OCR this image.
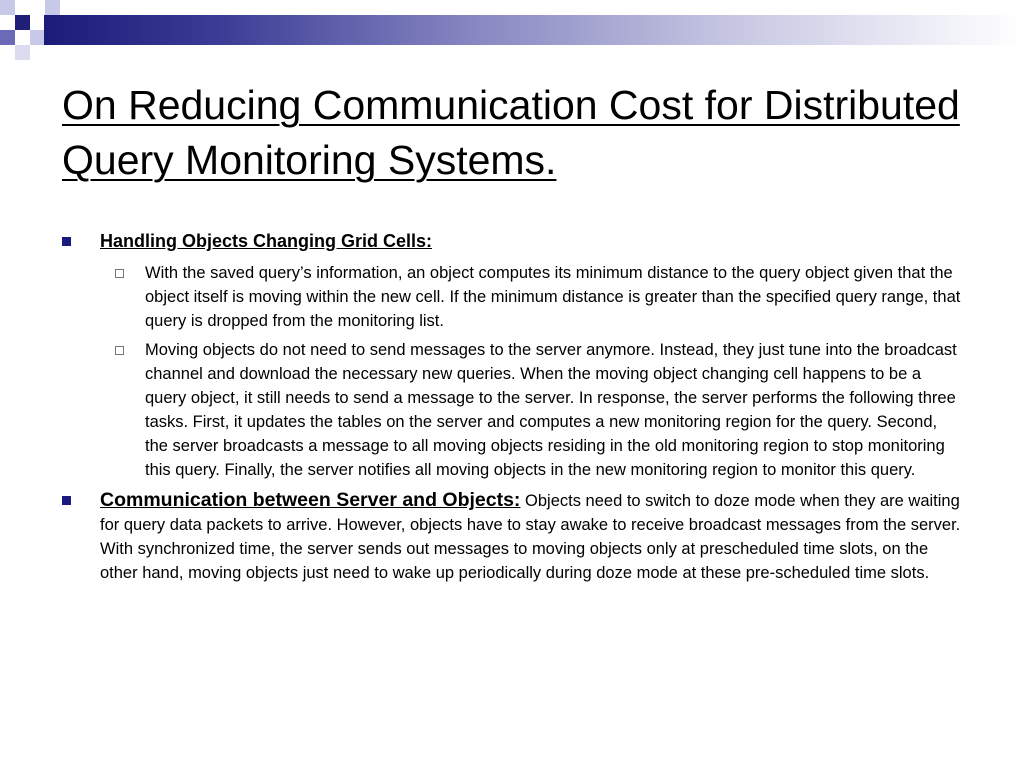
On Reducing Communication Cost for Distributed Query Monitoring Systems.
Handling Objects Changing Grid Cells:
With the saved query’s information, an object computes its minimum distance to the query object given that the object itself is moving within the new cell. If the minimum distance is greater than the specified query range, that query is dropped from the monitoring list.
Moving objects do not need to send messages to the server anymore. Instead, they just tune into the broadcast channel and download the necessary new queries. When the moving object changing cell happens to be a query object, it still needs to send a message to the server. In response, the server performs the following three tasks. First, it updates the tables on the server and computes a new monitoring region for the query. Second, the server broadcasts a message to all moving objects residing in the old monitoring region to stop monitoring this query. Finally, the server notifies all moving objects in the new monitoring region to monitor this query.
Communication between Server and Objects: Objects need to switch to doze mode when they are waiting for query data packets to arrive. However, objects have to stay awake to receive broadcast messages from the server. With synchronized time, the server sends out messages to moving objects only at prescheduled time slots, on the other hand, moving objects just need to wake up periodically during doze mode at these pre-scheduled time slots.
